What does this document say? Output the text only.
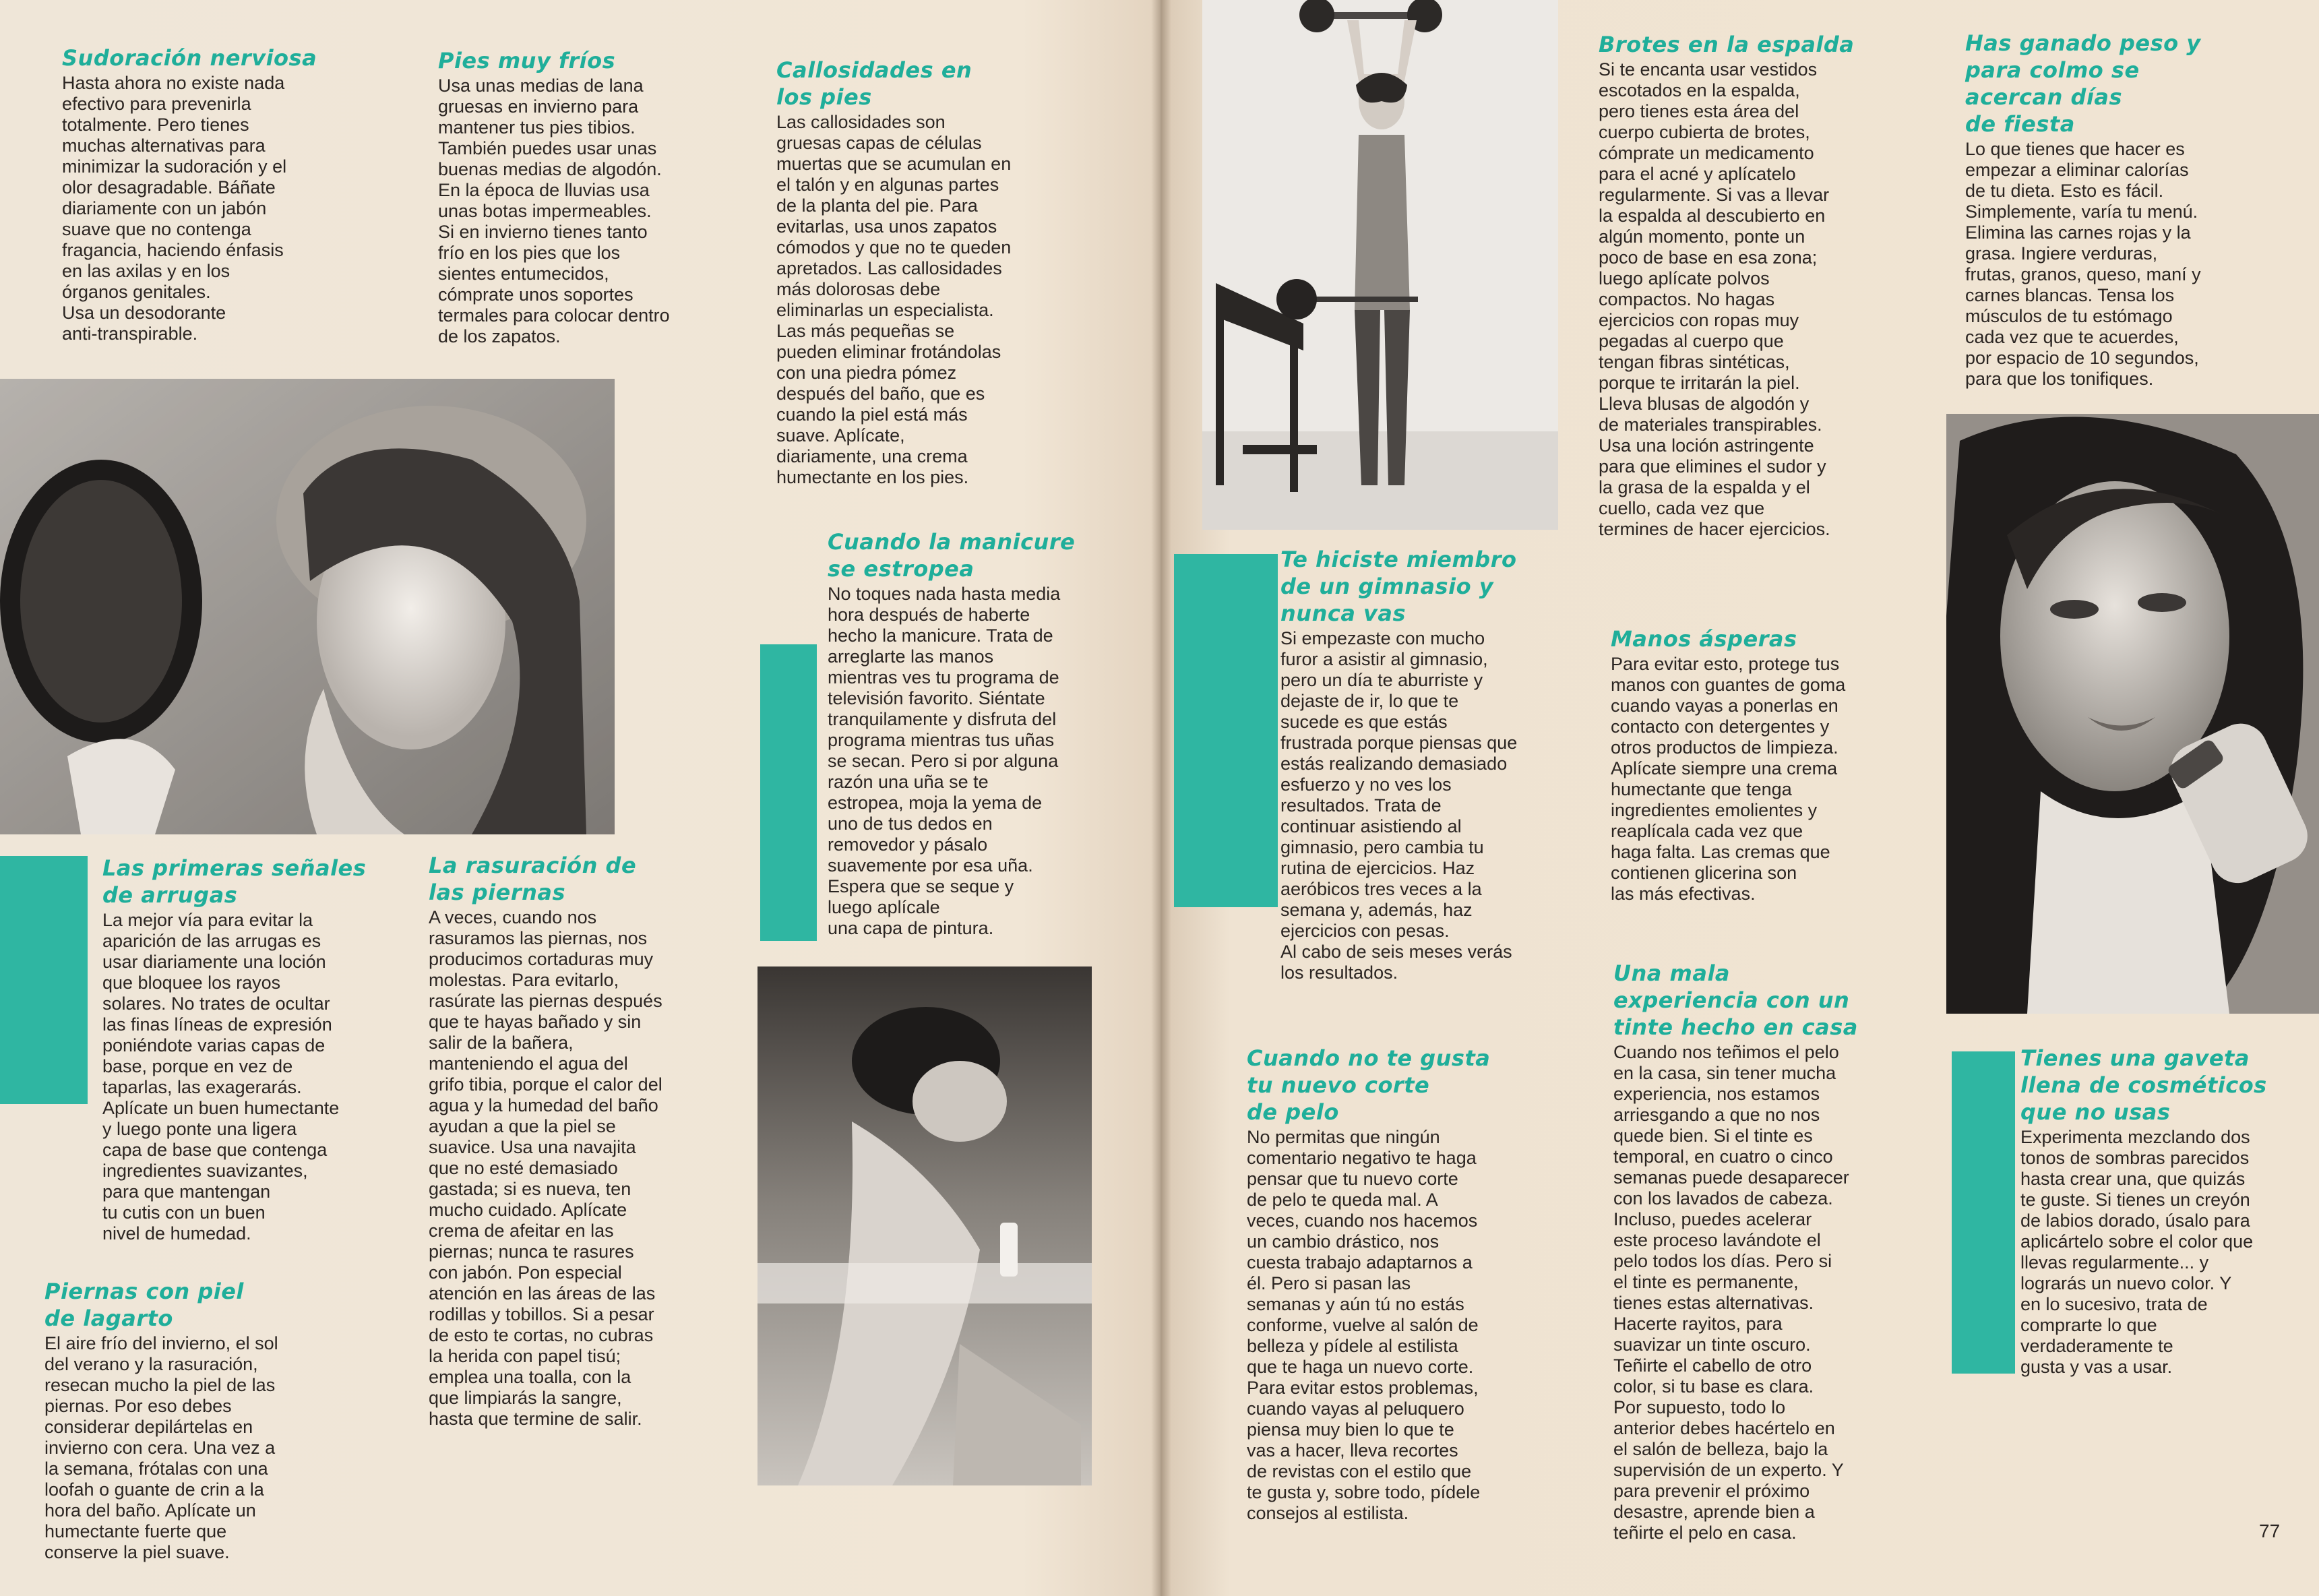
Sudoración nerviosa
Hasta ahora no existe nada
efectivo para prevenirla
totalmente. Pero tienes
muchas alternativas para
minimizar la sudoración y el
olor desagradable. Báñate
diariamente con un jabón
suave que no contenga
fragancia, haciendo énfasis
en las axilas y en los
órganos genitales.
Usa un desodorante
anti-transpirable.
Pies muy fríos
Usa unas medias de lana
gruesas en invierno para
mantener tus pies tibios.
También puedes usar unas
buenas medias de algodón.
En la época de lluvias usa
unas botas impermeables.
Si en invierno tienes tanto
frío en los pies que los
sientes entumecidos,
cómprate unos soportes
termales para colocar dentro
de los zapatos.
Callosidades en
los pies
Las callosidades son
gruesas capas de células
muertas que se acumulan en
el talón y en algunas partes
de la planta del pie. Para
evitarlas, usa unos zapatos
cómodos y que no te queden
apretados. Las callosidades
más dolorosas debe
eliminarlas un especialista.
Las más pequeñas se
pueden eliminar frotándolas
con una piedra pómez
después del baño, que es
cuando la piel está más
suave. Aplícate,
diariamente, una crema
humectante en los pies.
Las primeras señales
de arrugas
La mejor vía para evitar la
aparición de las arrugas es
usar diariamente una loción
que bloquee los rayos
solares. No trates de ocultar
las finas líneas de expresión
poniéndote varias capas de
base, porque en vez de
taparlas, las exagerarás.
Aplícate un buen humectante
y luego ponte una ligera
capa de base que contenga
ingredientes suavizantes,
para que mantengan
tu cutis con un buen
nivel de humedad.
La rasuración de
las piernas
A veces, cuando nos
rasuramos las piernas, nos
producimos cortaduras muy
molestas. Para evitarlo,
rasúrate las piernas después
que te hayas bañado y sin
salir de la bañera,
manteniendo el agua del
grifo tibia, porque el calor del
agua y la humedad del baño
ayudan a que la piel se
suavice. Usa una navajita
que no esté demasiado
gastada; si es nueva, ten
mucho cuidado. Aplícate
crema de afeitar en las
piernas; nunca te rasures
con jabón. Pon especial
atención en las áreas de las
rodillas y tobillos. Si a pesar
de esto te cortas, no cubras
la herida con papel tisú;
emplea una toalla, con la
que limpiarás la sangre,
hasta que termine de salir.
Piernas con piel
de lagarto
El aire frío del invierno, el sol
del verano y la rasuración,
resecan mucho la piel de las
piernas. Por eso debes
considerar depilártelas en
invierno con cera. Una vez a
la semana, frótalas con una
loofah o guante de crin a la
hora del baño. Aplícate un
humectante fuerte que
conserve la piel suave.
Cuando la manicure
se estropea
No toques nada hasta media
hora después de haberte
hecho la manicure. Trata de
arreglarte las manos
mientras ves tu programa de
televisión favorito. Siéntate
tranquilamente y disfruta del
programa mientras tus uñas
se secan. Pero si por alguna
razón una uña se te
estropea, moja la yema de
uno de tus dedos en
removedor y pásalo
suavemente por esa uña.
Espera que se seque y
luego aplícale
una capa de pintura.
Te hiciste miembro
de un gimnasio y
nunca vas
Si empezaste con mucho
furor a asistir al gimnasio,
pero un día te aburriste y
dejaste de ir, lo que te
sucede es que estás
frustrada porque piensas que
estás realizando demasiado
esfuerzo y no ves los
resultados. Trata de
continuar asistiendo al
gimnasio, pero cambia tu
rutina de ejercicios. Haz
aeróbicos tres veces a la
semana y, además, haz
ejercicios con pesas.
Al cabo de seis meses verás
los resultados.
Cuando no te gusta
tu nuevo corte
de pelo
No permitas que ningún
comentario negativo te haga
pensar que tu nuevo corte
de pelo te queda mal. A
veces, cuando nos hacemos
un cambio drástico, nos
cuesta trabajo adaptarnos a
él. Pero si pasan las
semanas y aún tú no estás
conforme, vuelve al salón de
belleza y pídele al estilista
que te haga un nuevo corte.
Para evitar estos problemas,
cuando vayas al peluquero
piensa muy bien lo que te
vas a hacer, lleva recortes
de revistas con el estilo que
te gusta y, sobre todo, pídele
consejos al estilista.
Brotes en la espalda
Si te encanta usar vestidos
escotados en la espalda,
pero tienes esta área del
cuerpo cubierta de brotes,
cómprate un medicamento
para el acné y aplícatelo
regularmente. Si vas a llevar
la espalda al descubierto en
algún momento, ponte un
poco de base en esa zona;
luego aplícate polvos
compactos. No hagas
ejercicios con ropas muy
pegadas al cuerpo que
tengan fibras sintéticas,
porque te irritarán la piel.
Lleva blusas de algodón y
de materiales transpirables.
Usa una loción astringente
para que elimines el sudor y
la grasa de la espalda y el
cuello, cada vez que
termines de hacer ejercicios.
Manos ásperas
Para evitar esto, protege tus
manos con guantes de goma
cuando vayas a ponerlas en
contacto con detergentes y
otros productos de limpieza.
Aplícate siempre una crema
humectante que tenga
ingredientes emolientes y
reaplícala cada vez que
haga falta. Las cremas que
contienen glicerina son
las más efectivas.
Una mala
experiencia con un
tinte hecho en casa
Cuando nos teñimos el pelo
en la casa, sin tener mucha
experiencia, nos estamos
arriesgando a que no nos
quede bien. Si el tinte es
temporal, en cuatro o cinco
semanas puede desaparecer
con los lavados de cabeza.
Incluso, puedes acelerar
este proceso lavándote el
pelo todos los días. Pero si
el tinte es permanente,
tienes estas alternativas.
Hacerte rayitos, para
suavizar un tinte oscuro.
Teñirte el cabello de otro
color, si tu base es clara.
Por supuesto, todo lo
anterior debes hacértelo en
el salón de belleza, bajo la
supervisión de un experto. Y
para prevenir el próximo
desastre, aprende bien a
teñirte el pelo en casa.
Has ganado peso y
para colmo se
acercan días
de fiesta
Lo que tienes que hacer es
empezar a eliminar calorías
de tu dieta. Esto es fácil.
Simplemente, varía tu menú.
Elimina las carnes rojas y la
grasa. Ingiere verduras,
frutas, granos, queso, maní y
carnes blancas. Tensa los
músculos de tu estómago
cada vez que te acuerdes,
por espacio de 10 segundos,
para que los tonifiques.
Tienes una gaveta
llena de cosméticos
que no usas
Experimenta mezclando dos
tonos de sombras parecidos
hasta crear una, que quizás
te guste. Si tienes un creyón
de labios dorado, úsalo para
aplicártelo sobre el color que
llevas regularmente... y
lograrás un nuevo color. Y
en lo sucesivo, trata de
comprarte lo que
verdaderamente te
gusta y vas a usar.
77
